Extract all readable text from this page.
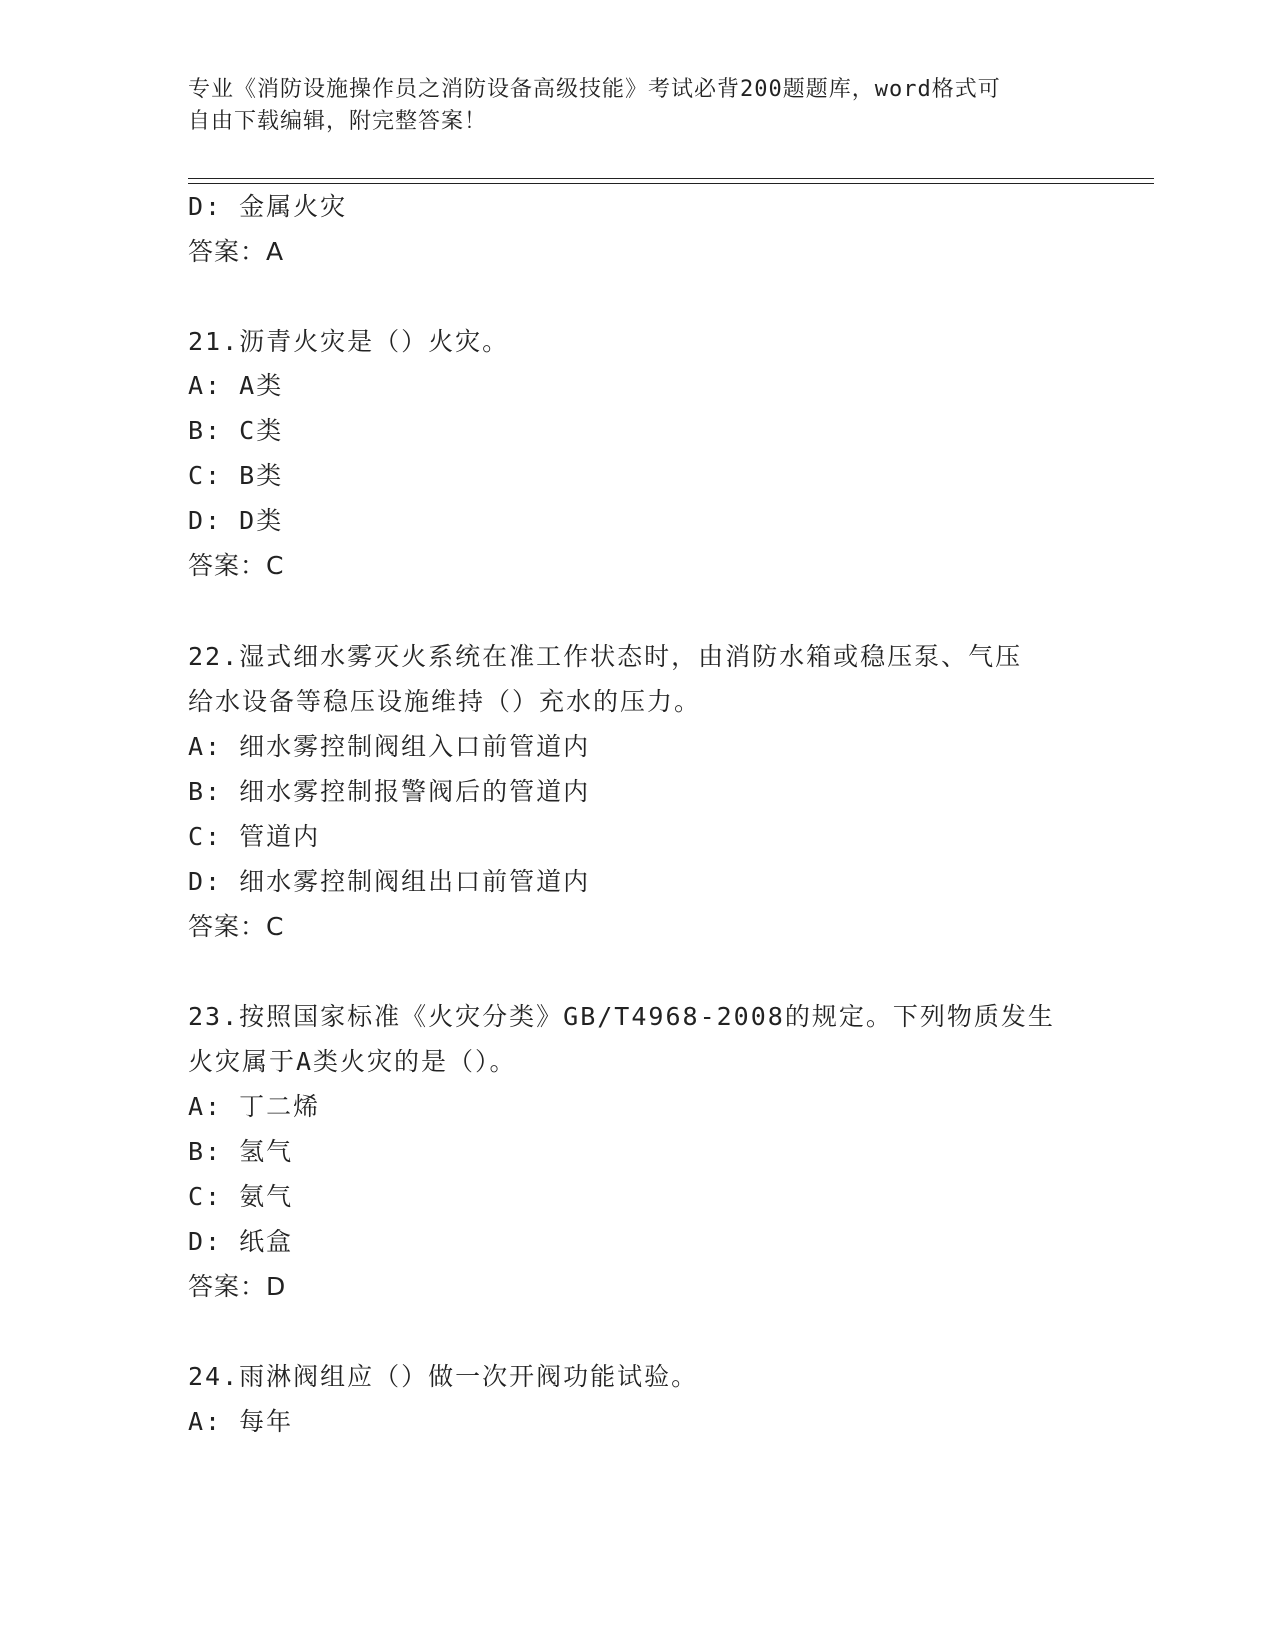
专业《消防设施操作员之消防设备高级技能》考试必背200题题库，word格式可
自由下载编辑，附完整答案！
D: 金属火灾
答案：A
21.沥青火灾是（）火灾。
A: A类
B: C类
C: B类
D: D类
答案：C
22.湿式细水雾灭火系统在准工作状态时，由消防水箱或稳压泵、气压
给水设备等稳压设施维持（）充水的压力。
A: 细水雾控制阀组入口前管道内
B: 细水雾控制报警阀后的管道内
C: 管道内
D: 细水雾控制阀组出口前管道内
答案：C
23.按照国家标准《火灾分类》GB/T4968-2008的规定。下列物质发生
火灾属于A类火灾的是（）。
A: 丁二烯
B: 氢气
C: 氨气
D: 纸盒
答案：D
24.雨淋阀组应（）做一次开阀功能试验。
A: 每年
